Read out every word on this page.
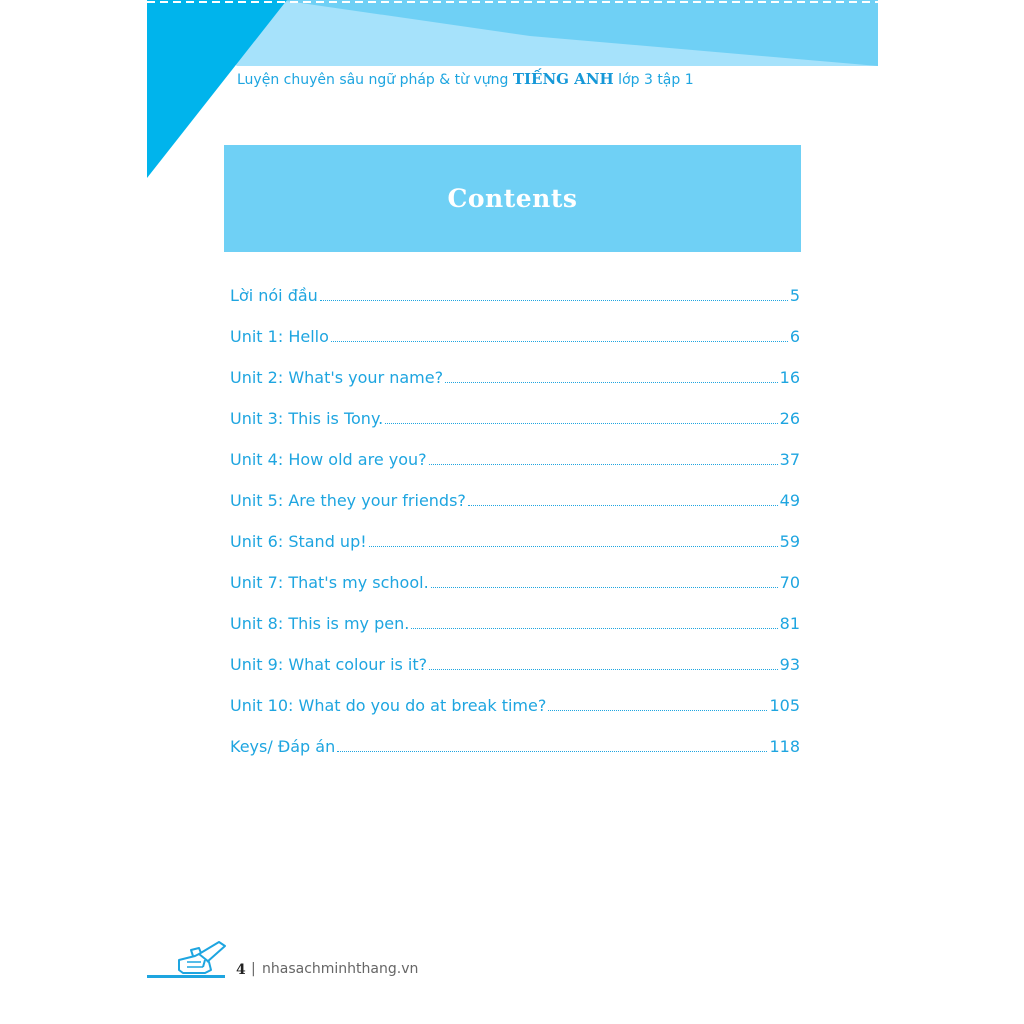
Luyện chuyên sâu ngữ pháp & từ vựng TIẾNG ANH lớp 3 tập 1
Contents
Lời nói đầu	5
Unit 1: Hello	6
Unit 2: What's your name?	16
Unit 3: This is Tony.	26
Unit 4: How old are you?	37
Unit 5: Are they your friends?	49
Unit 6: Stand up!	59
Unit 7: That's my school.	70
Unit 8: This is my pen.	81
Unit 9: What colour is it?	93
Unit 10: What do you do at break time?	105
Keys/ Đáp án	118
4 | nhasachminhthang.vn
